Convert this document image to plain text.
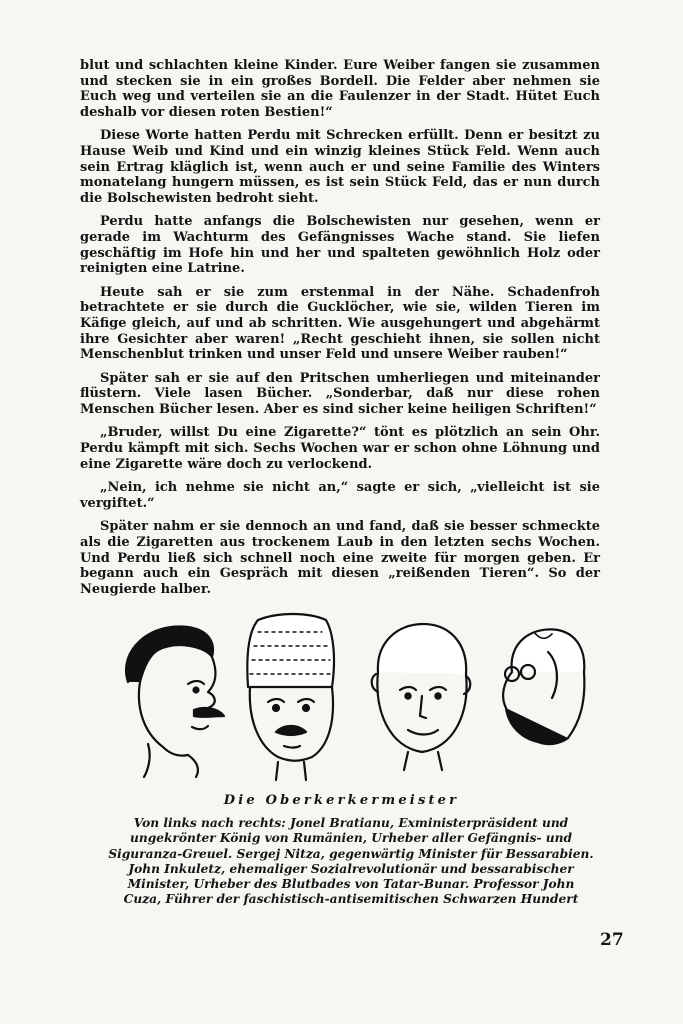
blut und schlachten kleine Kinder. Eure Weiber fangen sie zusammen und stecken sie in ein großes Bordell. Die Felder aber nehmen sie Euch weg und verteilen sie an die Faulenzer in der Stadt. Hütet Euch deshalb vor diesen roten Bestien!“

Diese Worte hatten Perdu mit Schrecken erfüllt. Denn er besitzt zu Hause Weib und Kind und ein winzig kleines Stück Feld. Wenn auch sein Ertrag kläglich ist, wenn auch er und seine Familie des Winters monatelang hungern müssen, es ist sein Stück Feld, das er nun durch die Bolschewisten bedroht sieht.

Perdu hatte anfangs die Bolschewisten nur gesehen, wenn er gerade im Wachturm des Gefängnisses Wache stand. Sie liefen geschäftig im Hofe hin und her und spalteten gewöhnlich Holz oder reinigten eine Latrine.

Heute sah er sie zum erstenmal in der Nähe. Schadenfroh betrachtete er sie durch die Gucklöcher, wie sie, wilden Tieren im Käfige gleich, auf und ab schritten. Wie ausgehungert und abgehärmt ihre Gesichter aber waren! „Recht geschieht ihnen, sie sollen nicht Menschenblut trinken und unser Feld und unsere Weiber rauben!“

Später sah er sie auf den Pritschen umherliegen und miteinander flüstern. Viele lasen Bücher. „Sonderbar, daß nur diese rohen Menschen Bücher lesen. Aber es sind sicher keine heiligen Schriften!“

„Bruder, willst Du eine Zigarette?“ tönt es plötzlich an sein Ohr. Perdu kämpft mit sich. Sechs Wochen war er schon ohne Löhnung und eine Zigarette wäre doch zu verlockend.

„Nein, ich nehme sie nicht an,“ sagte er sich, „vielleicht ist sie vergiftet.“

Später nahm er sie dennoch an und fand, daß sie besser schmeckte als die Zigaretten aus trockenem Laub in den letzten sechs Wochen. Und Perdu ließ sich schnell noch eine zweite für morgen geben. Er begann auch ein Gespräch mit diesen „reißenden Tieren“. So der Neugierde halber.

Die Oberkerkermeister
Von links nach rechts: Jonel Bratianu, Exministerpräsident und ungekrönter König von Rumänien, Urheber aller Gefängnis- und Siguranza-Greuel. Sergej Nitza, gegenwärtig Minister für Bessarabien. John Inkuletz, ehemaliger Sozialrevolutionär und bessarabischer Minister, Urheber des Blutbades von Tatar-Bunar. Professor John Cuza, Führer der faschistisch-antisemitischen Schwarzen Hundert
27
